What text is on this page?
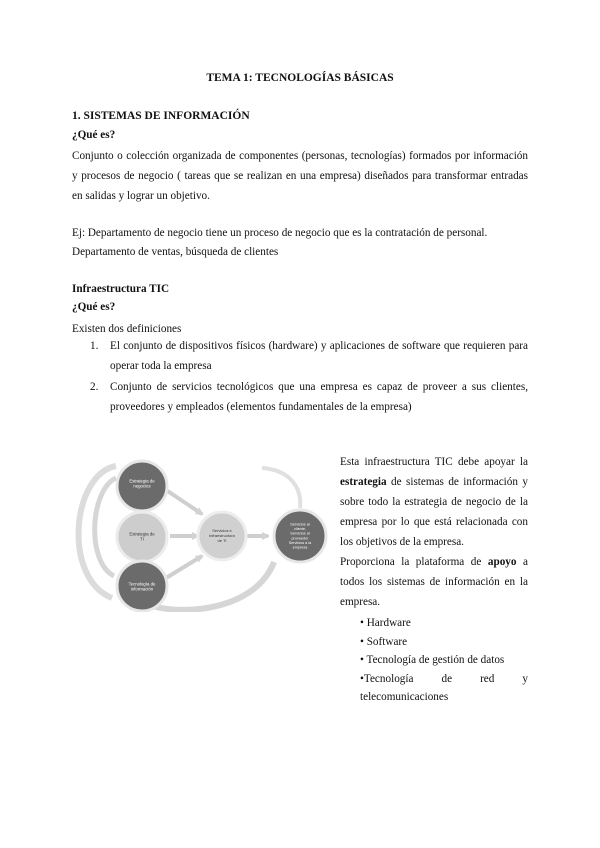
TEMA 1: TECNOLOGÍAS BÁSICAS
1. SISTEMAS DE INFORMACIÓN
¿Qué es?
Conjunto o colección organizada de componentes (personas, tecnologías) formados por información y procesos de negocio ( tareas que se realizan en una empresa) diseñados para transformar entradas en salidas y lograr un objetivo.
Ej: Departamento de negocio tiene un proceso de negocio que es la contratación de personal.
Departamento de ventas, búsqueda de clientes
Infraestructura TIC
¿Qué es?
Existen dos definiciones
1. El conjunto de dispositivos físicos (hardware) y aplicaciones de software que requieren para operar toda la empresa
2. Conjunto de servicios tecnológicos que una empresa es capaz de proveer a sus clientes, proveedores y empleados (elementos fundamentales de la empresa)
Estrategia de negocios
Estrategia de TI
Tecnología de información
Servicios e infraestructura de TI
Servicios al cliente, Servicios al proveedor Servicios a la empresa
Esta infraestructura TIC debe apoyar la estrategia de sistemas de información y sobre todo la estrategia de negocio de la empresa por lo que está relacionada con los objetivos de la empresa.
Proporciona la plataforma de apoyo a todos los sistemas de información en la empresa.
• Hardware
• Software
• Tecnología de gestión de datos
•Tecnología de red y telecomunicaciones
